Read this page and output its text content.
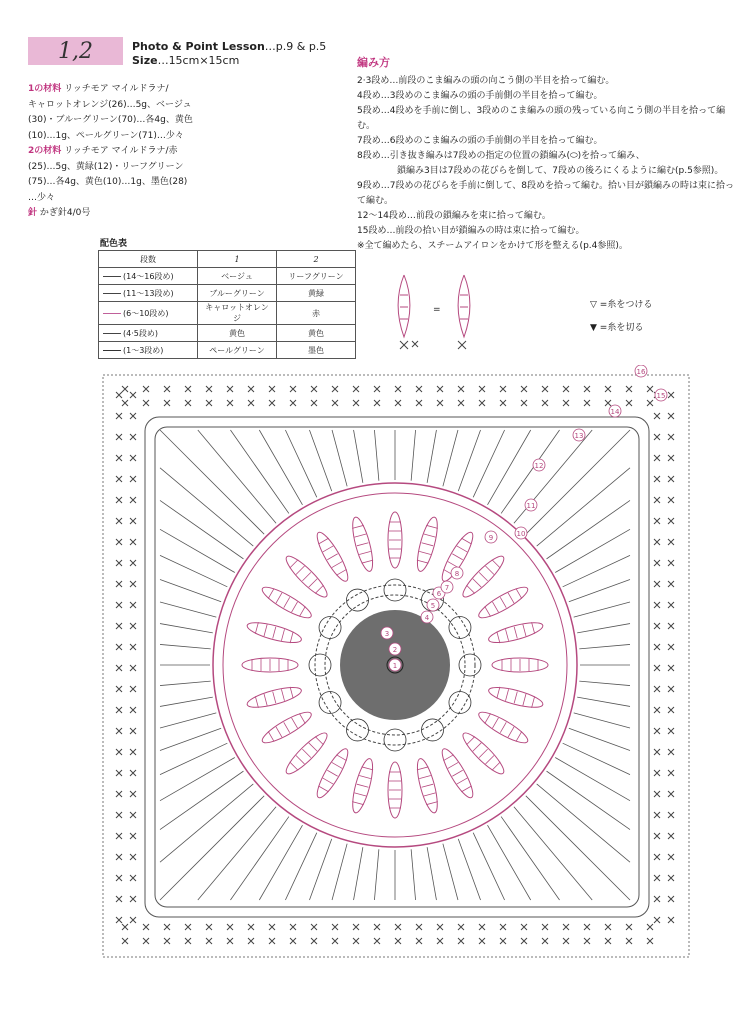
1,2	Photo & Point Lesson…p.9 & p.5
Size…15cm×15cm
1の材料 リッチモア マイルドラナ/
キャロットオレンジ(26)…5g、ベージュ
(30)・ブルーグリーン(70)…各4g、黄色
(10)…1g、ペールグリーン(71)…少々
2の材料 リッチモア マイルドラナ/赤
(25)…5g、黄緑(12)・リーフグリーン
(75)…各4g、黄色(10)…1g、墨色(28)
…少々
針 かぎ針4/0号
編み方
2·3段め…前段のこま編みの頭の向こう側の半目を拾って編む。
4段め…3段めのこま編みの頭の手前側の半目を拾って編む。
5段め…4段めを手前に倒し、3段めのこま編みの頭の残っている向こう側の半目を拾って編む。
7段め…6段めのこま編みの頭の手前側の半目を拾って編む。
8段め…引き抜き編みは7段めの指定の位置の鎖編み(⬭)を拾って編み、
鎖編み3目は7段めの花びらを倒して、7段めの後ろにくるように編む(p.5参照)。
9段め…7段めの花びらを手前に倒して、8段めを拾って編む。拾い目が鎖編みの時は束に拾って編む。
12〜14段め…前段の鎖編みを束に拾って編む。
15段め…前段の拾い目が鎖編みの時は束に拾って編む。
※全て編めたら、スチームアイロンをかけて形を整える(p.4参照)。
配色表
段数	1	2
(14〜16段め)	ベージュ	リーフグリーン
(11〜13段め)	ブルーグリーン	黄緑
(6〜10段め)	キャロットオレンジ	赤
(4·5段め)	黄色	黄色
(1〜3段め)	ペールグリーン	墨色
=	▽ =糸をつける
▼ =糸を切る
1
2
3
4
5
6
7
8
9	10
11
12
13
14
15
16
